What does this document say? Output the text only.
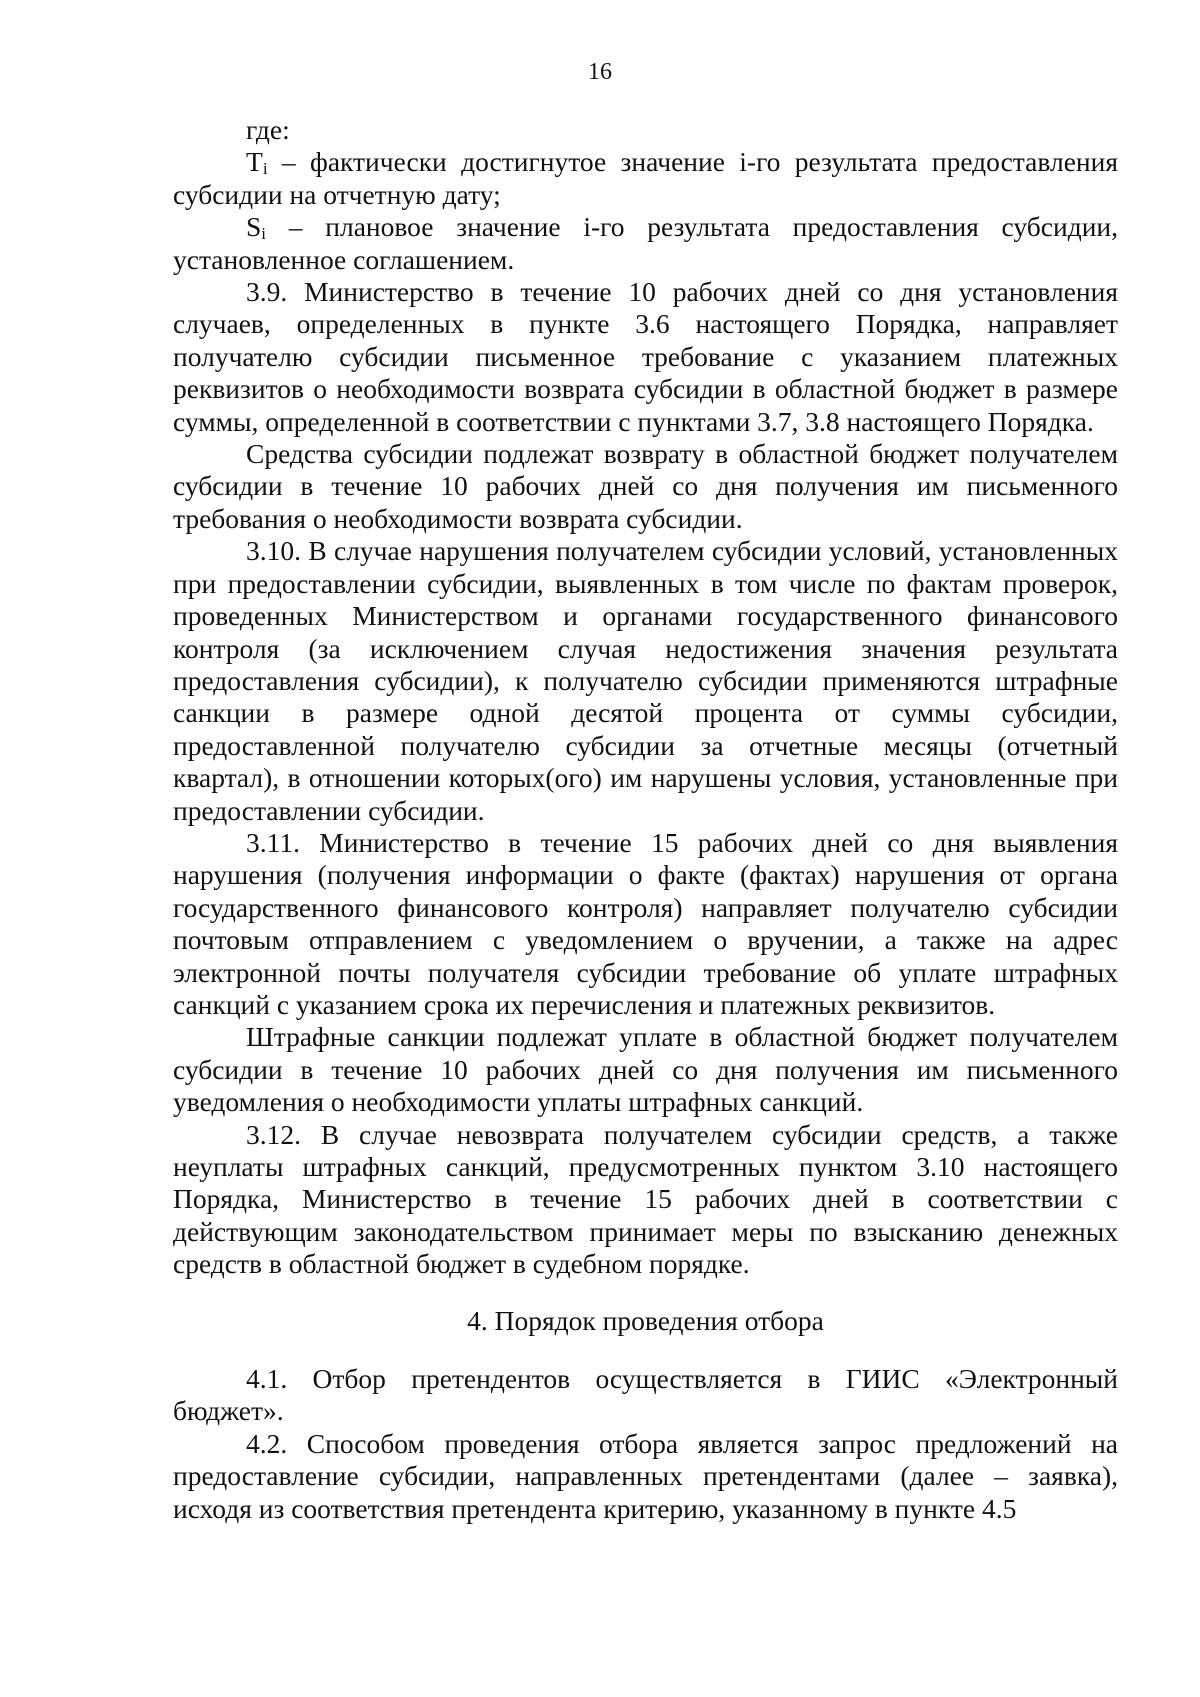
16

где:

$T_i$ – фактически достигнутое значение i-го результата предоставления субсидии на отчетную дату;

$S_i$ – плановое значение i-го результата предоставления субсидии, установленное соглашением.

3.9. Министерство в течение 10 рабочих дней со дня установления случаев, определенных в пункте 3.6 настоящего Порядка, направляет получателю субсидии письменное требование с указанием платежных реквизитов о необходимости возврата субсидии в областной бюджет в размере суммы, определенной в соответствии с пунктами 3.7, 3.8 настоящего Порядка.

Средства субсидии подлежат возврату в областной бюджет получателем субсидии в течение 10 рабочих дней со дня получения им письменного требования о необходимости возврата субсидии.

3.10. В случае нарушения получателем субсидии условий, установленных при предоставлении субсидии, выявленных в том числе по фактам проверок, проведенных Министерством и органами государственного финансового контроля (за исключением случая недостижения значения результата предоставления субсидии), к получателю субсидии применяются штрафные санкции в размере одной десятой процента от суммы субсидии, предоставленной получателю субсидии за отчетные месяцы (отчетный квартал), в отношении которых(ого) им нарушены условия, установленные при предоставлении субсидии.

3.11. Министерство в течение 15 рабочих дней со дня выявления нарушения (получения информации о факте (фактах) нарушения от органа государственного финансового контроля) направляет получателю субсидии почтовым отправлением с уведомлением о вручении, а также на адрес электронной почты получателя субсидии требование об уплате штрафных санкций с указанием срока их перечисления и платежных реквизитов.

Штрафные санкции подлежат уплате в областной бюджет получателем субсидии в течение 10 рабочих дней со дня получения им письменного уведомления о необходимости уплаты штрафных санкций.

3.12. В случае невозврата получателем субсидии средств, а также неуплаты штрафных санкций, предусмотренных пунктом 3.10 настоящего Порядка, Министерство в течение 15 рабочих дней в соответствии с действующим законодательством принимает меры по взысканию денежных средств в областной бюджет в судебном порядке.

4. Порядок проведения отбора

4.1. Отбор претендентов осуществляется в ГИИС «Электронный бюджет».

4.2. Способом проведения отбора является запрос предложений на предоставление субсидии, направленных претендентами (далее – заявка), исходя из соответствия претендента критерию, указанному в пункте 4.5
